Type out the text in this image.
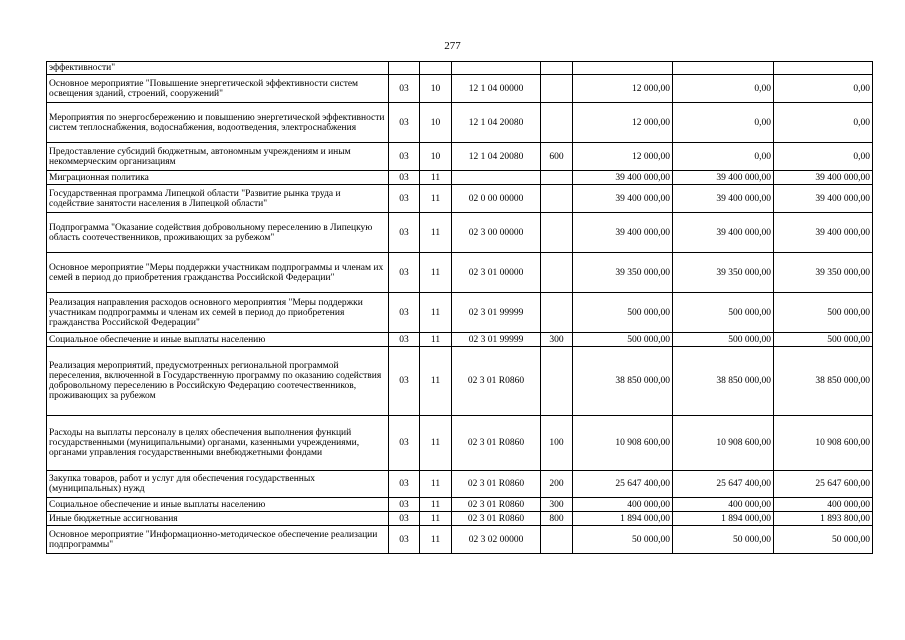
277
эффективности"							
Основное мероприятие "Повышение энергетической эффективности систем освещения зданий, строений, сооружений"	03	10	12 1 04 00000		12 000,00	0,00	0,00
Мероприятия по энергосбережению и повышению энергетической эффективности систем теплоснабжения, водоснабжения, водоотведения, электроснабжения	03	10	12 1 04 20080		12 000,00	0,00	0,00
Предоставление субсидий бюджетным, автономным учреждениям и иным некоммерческим организациям	03	10	12 1 04 20080	600	12 000,00	0,00	0,00
Миграционная политика	03	11			39 400 000,00	39 400 000,00	39 400 000,00
Государственная программа Липецкой области "Развитие рынка труда и содействие занятости населения в Липецкой области"	03	11	02 0 00 00000		39 400 000,00	39 400 000,00	39 400 000,00
Подпрограмма "Оказание содействия добровольному переселению в Липецкую область соотечественников, проживающих за рубежом"	03	11	02 3 00 00000		39 400 000,00	39 400 000,00	39 400 000,00
Основное мероприятие "Меры поддержки участникам подпрограммы и членам их семей в период до приобретения гражданства Российской Федерации"	03	11	02 3 01 00000		39 350 000,00	39 350 000,00	39 350 000,00
Реализация направления расходов основного мероприятия "Меры поддержки участникам подпрограммы и членам их семей в период до приобретения гражданства Российской Федерации"	03	11	02 3 01 99999		500 000,00	500 000,00	500 000,00
Социальное обеспечение и иные выплаты населению	03	11	02 3 01 99999	300	500 000,00	500 000,00	500 000,00
Реализация мероприятий, предусмотренных региональной программой переселения, включенной в Государственную программу по оказанию содействия добровольному переселению в Российскую Федерацию соотечественников, проживающих за рубежом	03	11	02 3 01 R0860		38 850 000,00	38 850 000,00	38 850 000,00
Расходы на выплаты персоналу в целях обеспечения выполнения функций государственными (муниципальными) органами, казенными учреждениями, органами управления государственными внебюджетными фондами	03	11	02 3 01 R0860	100	10 908 600,00	10 908 600,00	10 908 600,00
Закупка товаров, работ и услуг для обеспечения государственных (муниципальных) нужд	03	11	02 3 01 R0860	200	25 647 400,00	25 647 400,00	25 647 600,00
Социальное обеспечение и иные выплаты населению	03	11	02 3 01 R0860	300	400 000,00	400 000,00	400 000,00
Иные бюджетные ассигнования	03	11	02 3 01 R0860	800	1 894 000,00	1 894 000,00	1 893 800,00
Основное мероприятие "Информационно-методическое обеспечение реализации подпрограммы"	03	11	02 3 02 00000		50 000,00	50 000,00	50 000,00
